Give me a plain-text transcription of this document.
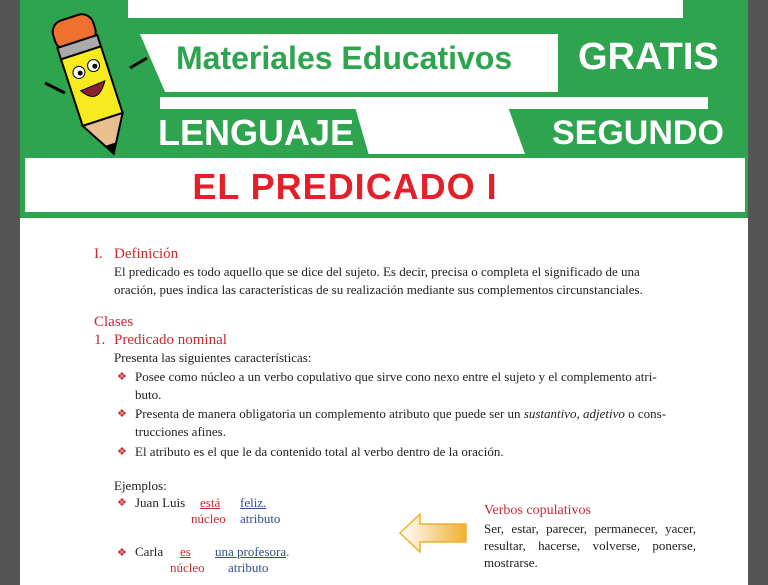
Materiales Educativos GRATIS
LENGUAJE	SEGUNDO
EL PREDICADO I
I. Definición
El predicado es todo aquello que se dice del sujeto. Es decir, precisa o completa el significado de una
oración, pues indica las características de su realización mediante sus complementos circunstanciales.
Clases
1. Predicado nominal
Presenta las siguientes características:
❖ Posee como núcleo a un verbo copulativo que sirve cono nexo entre el sujeto y el complemento atri-
buto.
❖ Presenta de manera obligatoria un complemento atributo que puede ser un sustantivo, adjetivo o cons-
trucciones afines.
❖ El atributo es el que le da contenido total al verbo dentro de la oración.
Ejemplos:
❖ Juan Luis está feliz.
núcleo atributo
❖ Carla es una profesora.
núcleo atributo
Verbos copulativos
Ser, estar, parecer, permanecer, yacer,
resultar, hacerse, volverse, ponerse,
mostrarse.
